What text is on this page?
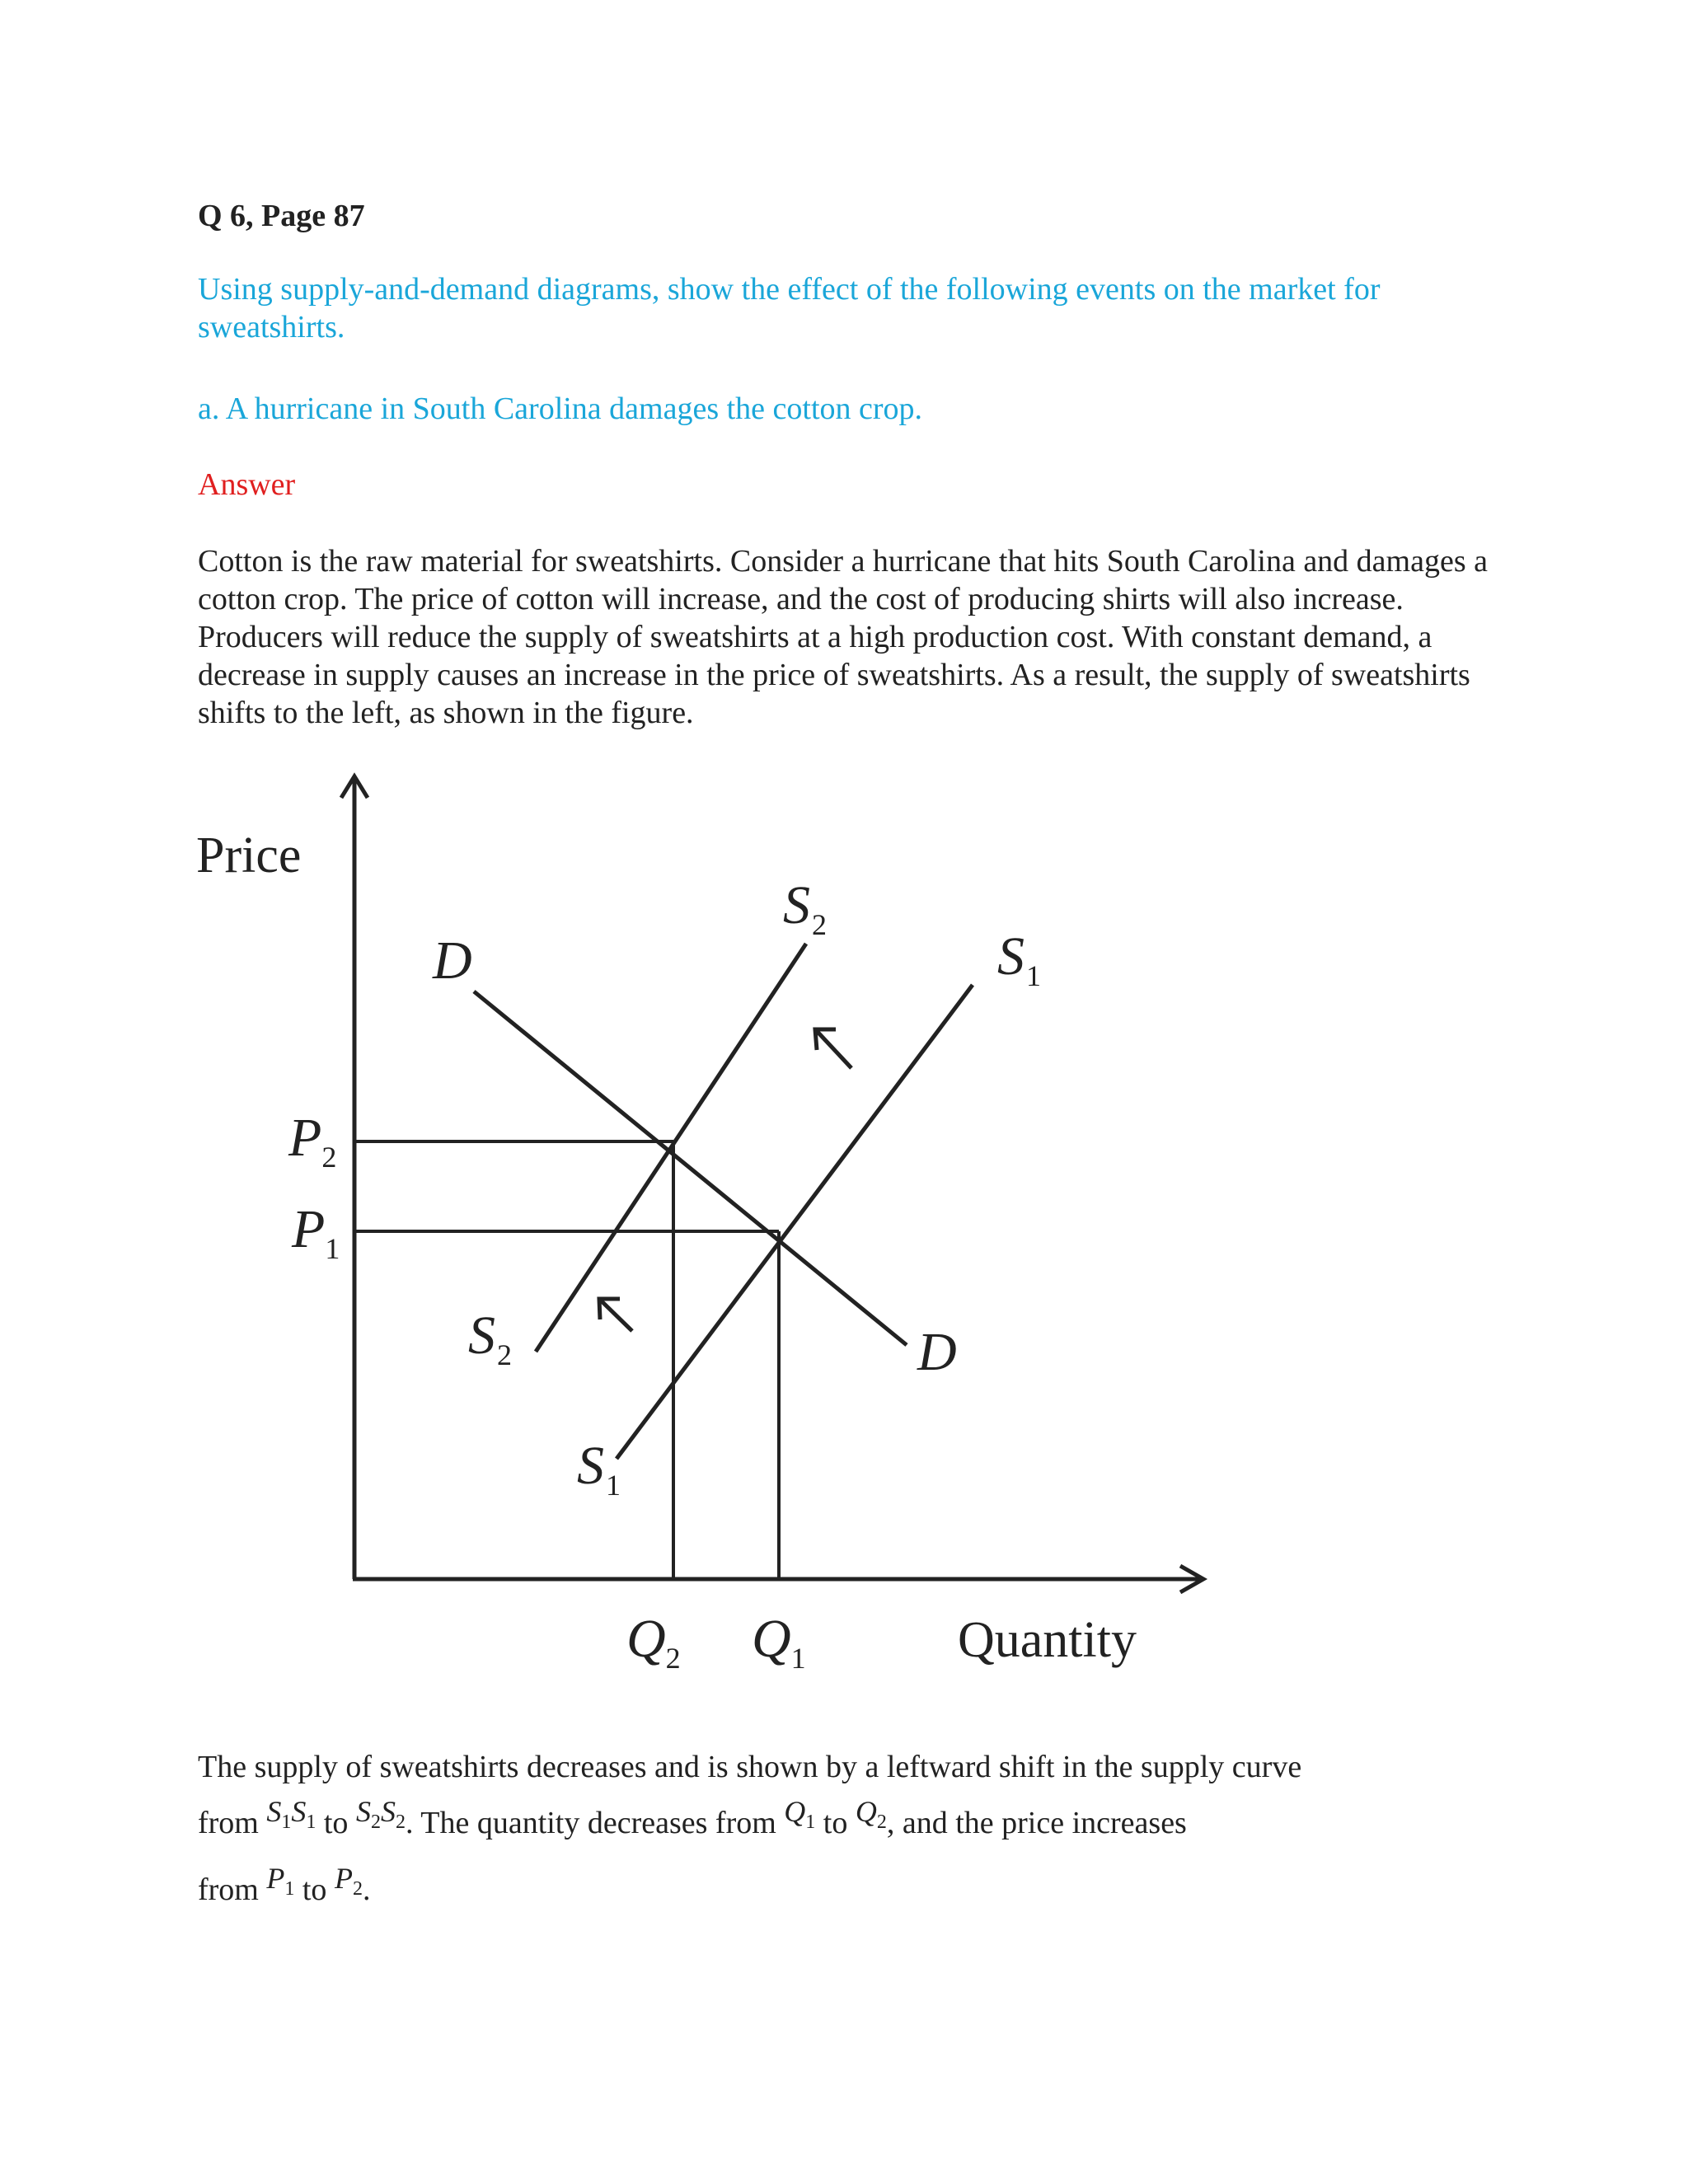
Q 6, Page 87

Using supply-and-demand diagrams, show the effect of the following events on the market for sweatshirts.

a. A hurricane in South Carolina damages the cotton crop.

Answer

Cotton is the raw material for sweatshirts. Consider a hurricane that hits South Carolina and damages a cotton crop. The price of cotton will increase, and the cost of producing shirts will also increase. Producers will reduce the supply of sweatshirts at a high production cost. With constant demand, a decrease in supply causes an increase in the price of sweatshirts. As a result, the supply of sweatshirts shifts to the left, as shown in the figure.

Price
Quantity
D
D
$S_2$
$S_1$
$S_2$
$S_1$
$P_2$
$P_1$
$Q_2$ $Q_1$

The supply of sweatshirts decreases and is shown by a leftward shift in the supply curve
from $S_1S_1$ to $S_2S_2$. The quantity decreases from $Q_1$ to $Q_2$, and the price increases
from $P_1$ to $P_2$.
